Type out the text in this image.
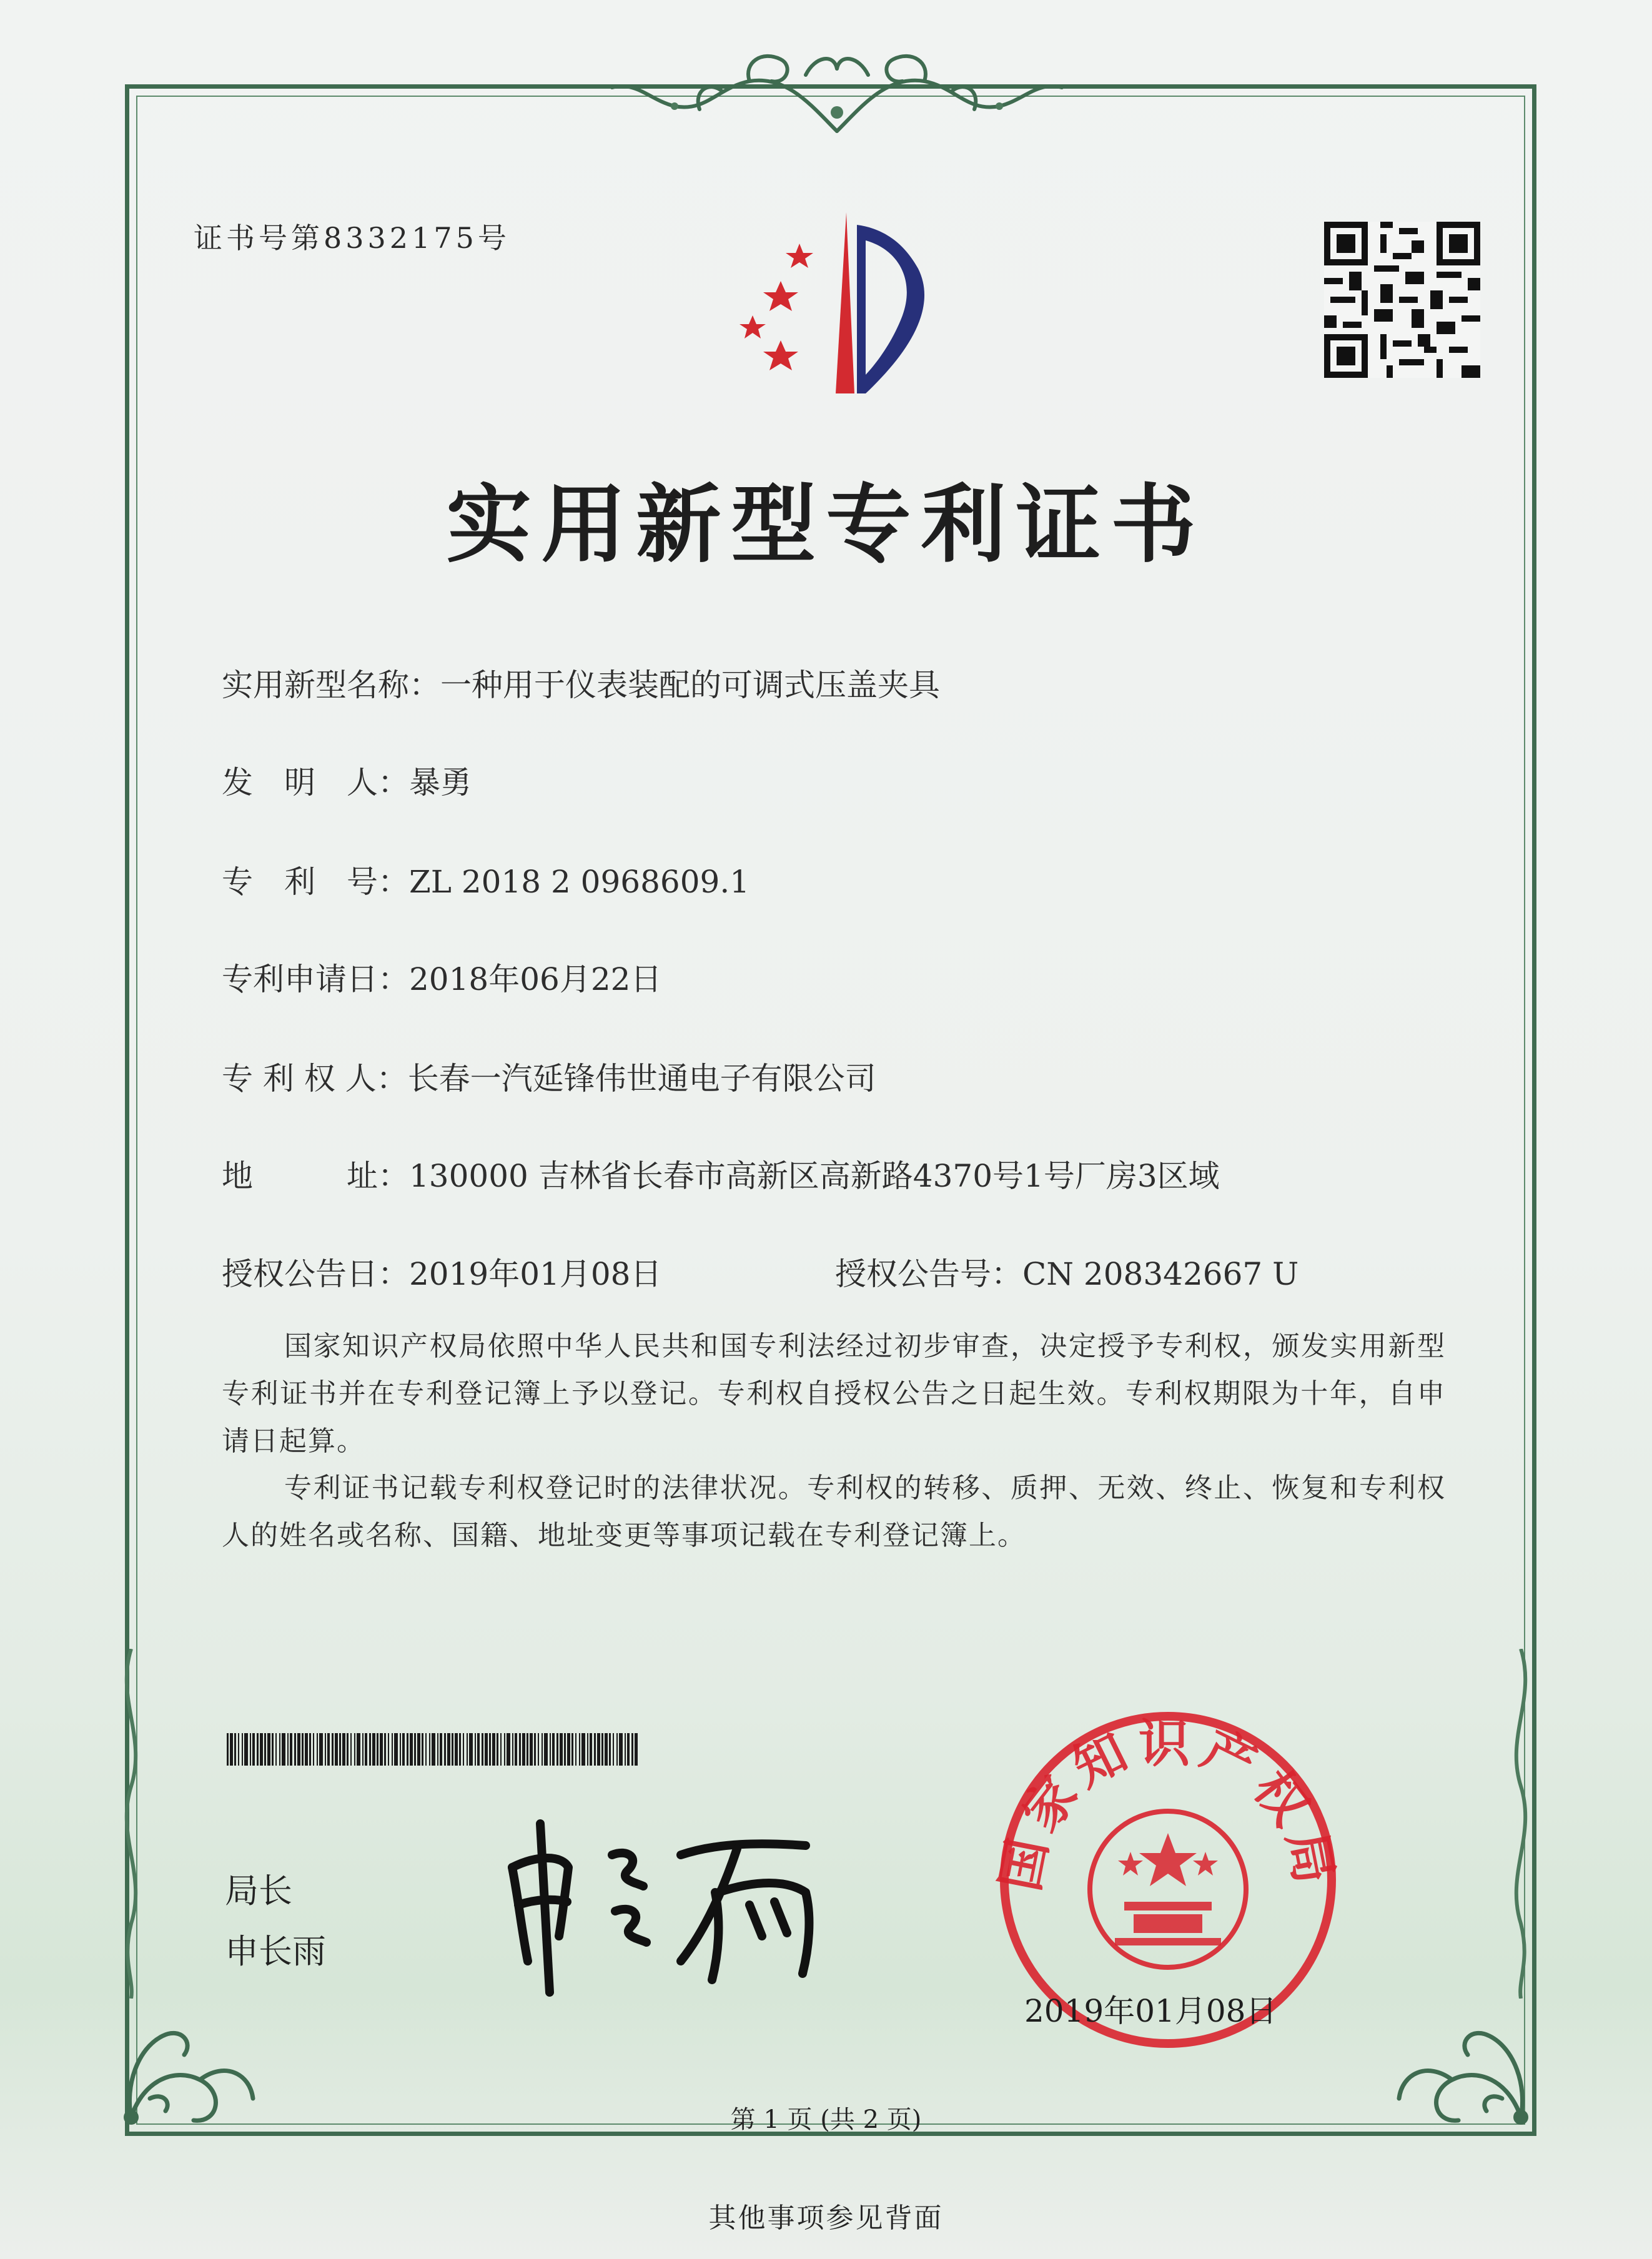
证书号第8332175号
实用新型专利证书
实用新型名称：一种用于仪表装配的可调式压盖夹具
发　明　人：暴勇
专　利　号：ZL 2018 2 0968609.1
专利申请日：2018年06月22日
专 利 权 人：长春一汽延锋伟世通电子有限公司
地　　　址：130000 吉林省长春市高新区高新路4370号1号厂房3区域
授权公告日：2019年01月08日	授权公告号：CN 208342667 U
国家知识产权局依照中华人民共和国专利法经过初步审查，决定授予专利权，颁发实用新型专利证书并在专利登记簿上予以登记。专利权自授权公告之日起生效。专利权期限为十年，自申请日起算。
专利证书记载专利权登记时的法律状况。专利权的转移、质押、无效、终止、恢复和专利权人的姓名或名称、国籍、地址变更等事项记载在专利登记簿上。
局长
申长雨
国家知识产权局
2019年01月08日
第 1 页 (共 2 页)
其他事项参见背面
